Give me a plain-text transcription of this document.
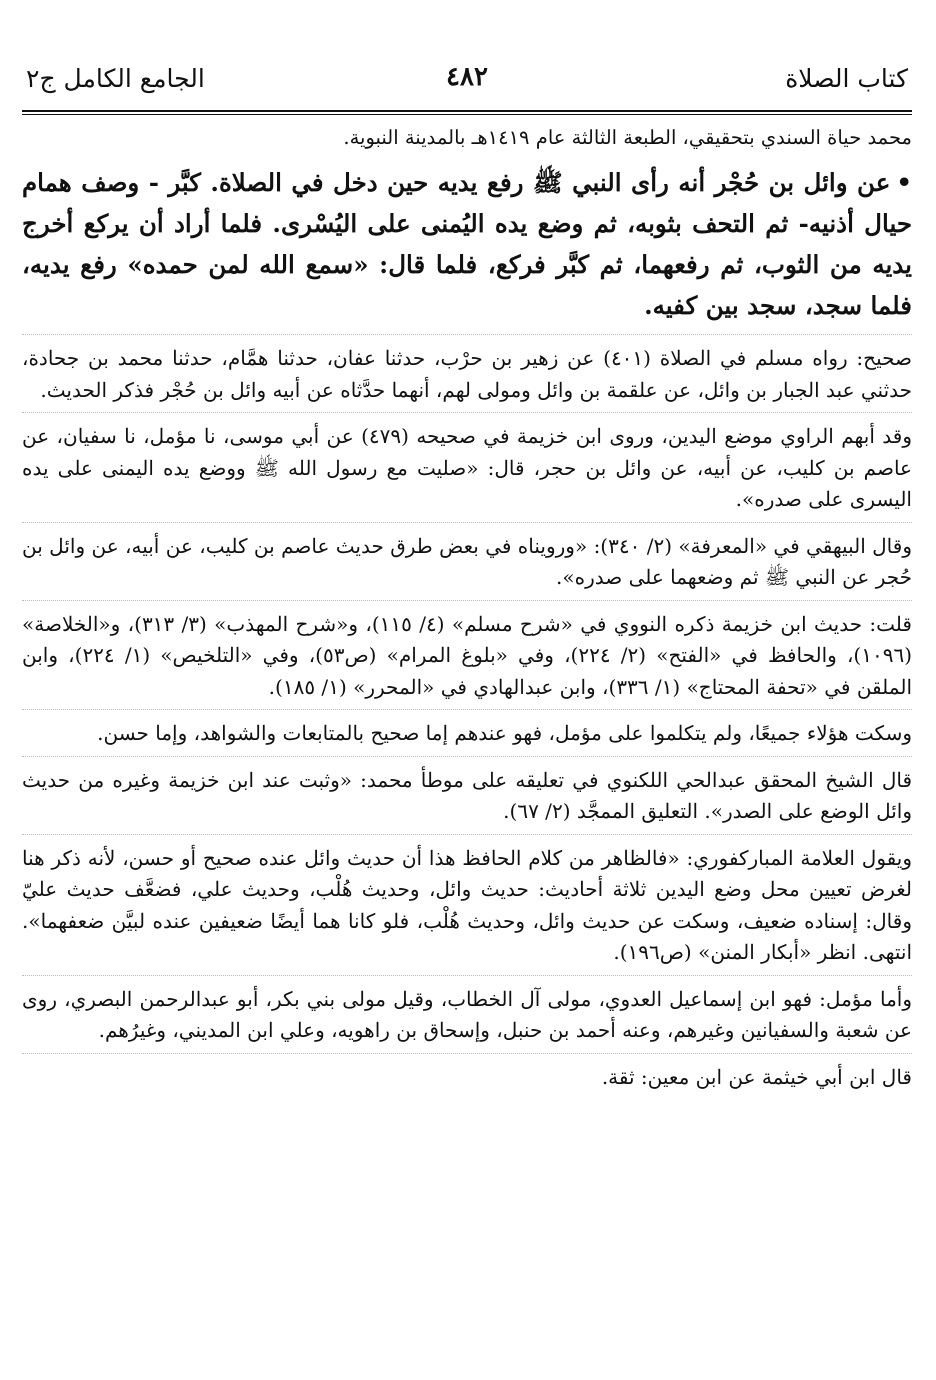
كتاب الصلاة
٤٨٢
الجامع الكامل ج٢

محمد حياة السندي بتحقيقي، الطبعة الثالثة عام ١٤١٩هـ بالمدينة النبوية.

•عن وائل بن حُجْر أنه رأى النبي ﷺ رفع يديه حين دخل في الصلاة. كبَّر - وصف همام حيال أذنيه- ثم التحف بثوبه، ثم وضع يده اليُمنى على اليُسْرى. فلما أراد أن يركع أخرج يديه من الثوب، ثم رفعهما، ثم كبَّر فركع، فلما قال: «سمع الله لمن حمده» رفع يديه، فلما سجد، سجد بين كفيه.

صحيح: رواه مسلم في الصلاة (٤٠١) عن زهير بن حرْب، حدثنا عفان، حدثنا همَّام، حدثنا محمد بن جحادة، حدثني عبد الجبار بن وائل، عن علقمة بن وائل ومولى لهم، أنهما حدَّثاه عن أبيه وائل بن حُجْر فذكر الحديث.

وقد أبهم الراوي موضع اليدين، وروى ابن خزيمة في صحيحه (٤٧٩) عن أبي موسى، نا مؤمل، نا سفيان، عن عاصم بن كليب، عن أبيه، عن وائل بن حجر، قال: «صليت مع رسول الله ﷺ ووضع يده اليمنى على يده اليسرى على صدره».

وقال البيهقي في «المعرفة» (٢/ ٣٤٠): «ورويناه في بعض طرق حديث عاصم بن كليب، عن أبيه، عن وائل بن حُجر عن النبي ﷺ ثم وضعهما على صدره».

قلت: حديث ابن خزيمة ذكره النووي في «شرح مسلم» (٤/ ١١٥)، و«شرح المهذب» (٣/ ٣١٣)، و«الخلاصة» (١٠٩٦)، والحافظ في «الفتح» (٢/ ٢٢٤)، وفي «بلوغ المرام» (ص٥٣)، وفي «التلخيص» (١/ ٢٢٤)، وابن الملقن في «تحفة المحتاج» (١/ ٣٣٦)، وابن عبدالهادي في «المحرر» (١/ ١٨٥).

وسكت هؤلاء جميعًا، ولم يتكلموا على مؤمل، فهو عندهم إما صحيح بالمتابعات والشواهد، وإما حسن.

قال الشيخ المحقق عبدالحي اللكنوي في تعليقه على موطأ محمد: «وثبت عند ابن خزيمة وغيره من حديث وائل الوضع على الصدر». التعليق الممجَّد (٢/ ٦٧).

ويقول العلامة المباركفوري: «فالظاهر من كلام الحافظ هذا أن حديث وائل عنده صحيح أو حسن، لأنه ذكر هنا لغرض تعيين محل وضع اليدين ثلاثة أحاديث: حديث وائل، وحديث هُلْب، وحديث علي، فضعَّف حديث عليّ وقال: إسناده ضعيف، وسكت عن حديث وائل، وحديث هُلْب، فلو كانا هما أيضًا ضعيفين عنده لبيَّن ضعفهما». انتهى. انظر «أبكار المنن» (ص١٩٦).

وأما مؤمل: فهو ابن إسماعيل العدوي، مولى آل الخطاب، وقيل مولى بني بكر، أبو عبدالرحمن البصري، روى عن شعبة والسفيانين وغيرهم، وعنه أحمد بن حنبل، وإسحاق بن راهويه، وعلي ابن المديني، وغيرُهم.

قال ابن أبي خيثمة عن ابن معين: ثقة.
